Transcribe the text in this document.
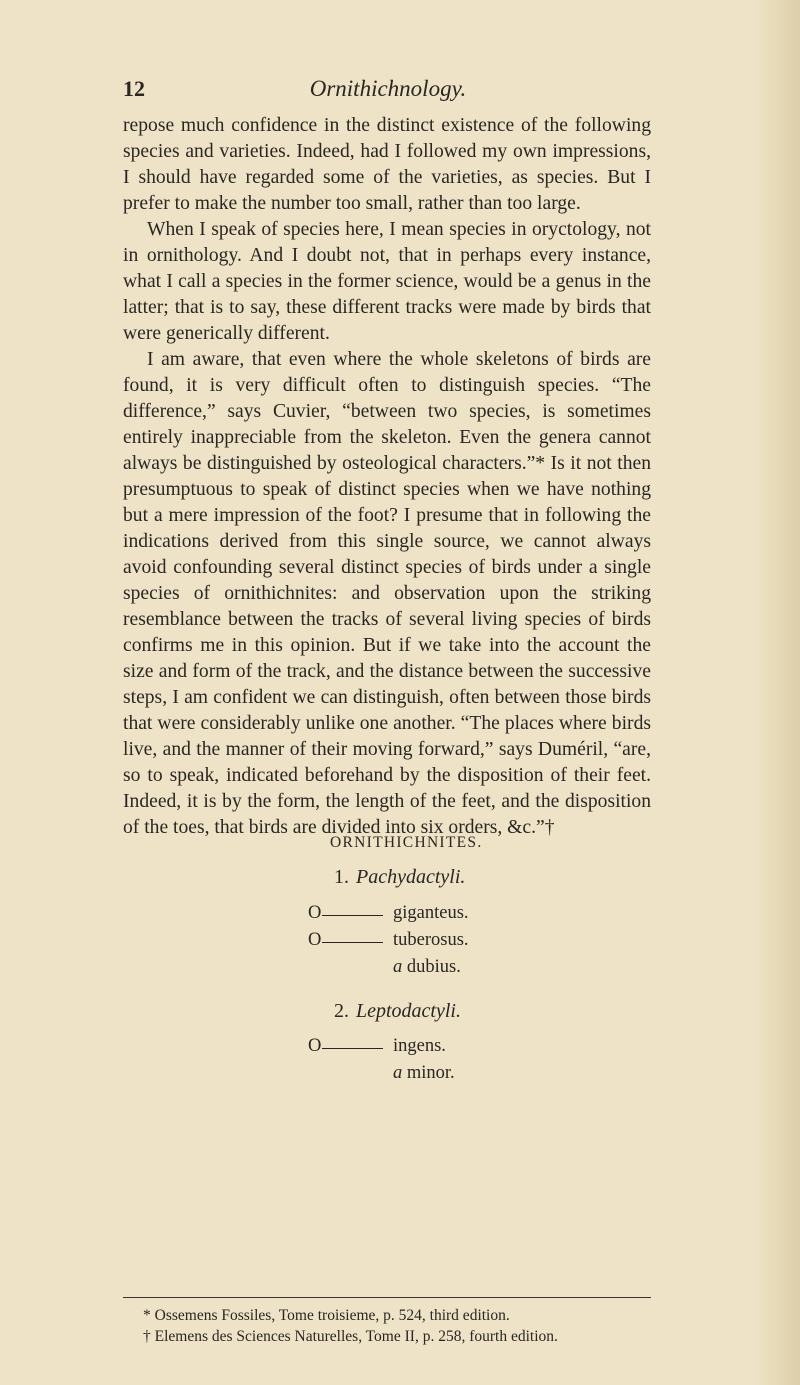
12	Ornithichnology.

repose much confidence in the distinct existence of the following species and varieties. Indeed, had I followed my own impressions, I should have regarded some of the varieties, as species. But I prefer to make the number too small, rather than too large.

When I speak of species here, I mean species in oryctology, not in ornithology. And I doubt not, that in perhaps every instance, what I call a species in the former science, would be a genus in the latter; that is to say, these different tracks were made by birds that were generically different.

I am aware, that even where the whole skeletons of birds are found, it is very difficult often to distinguish species. “The difference,” says Cuvier, “between two species, is sometimes entirely inappreciable from the skeleton. Even the genera cannot always be distinguished by osteological characters.”* Is it not then presumptuous to speak of distinct species when we have nothing but a mere impression of the foot? I presume that in following the indications derived from this single source, we cannot always avoid confounding several distinct species of birds under a single species of ornithichnites: and observation upon the striking resemblance between the tracks of several living species of birds confirms me in this opinion. But if we take into the account the size and form of the track, and the distance between the successive steps, I am confident we can distinguish, often between those birds that were considerably unlike one another. “The places where birds live, and the manner of their moving forward,” says Duméril, “are, so to speak, indicated beforehand by the disposition of their feet. Indeed, it is by the form, the length of the feet, and the disposition of the toes, that birds are divided into six orders, &c.”†

ORNITHICHNITES.
1. Pachydactyli.
O	giganteus.
O	tuberosus.
a dubius.
2. Leptodactyli.
O	ingens.
a minor.
* Ossemens Fossiles, Tome troisieme, p. 524, third edition.
† Elemens des Sciences Naturelles, Tome II, p. 258, fourth edition.
